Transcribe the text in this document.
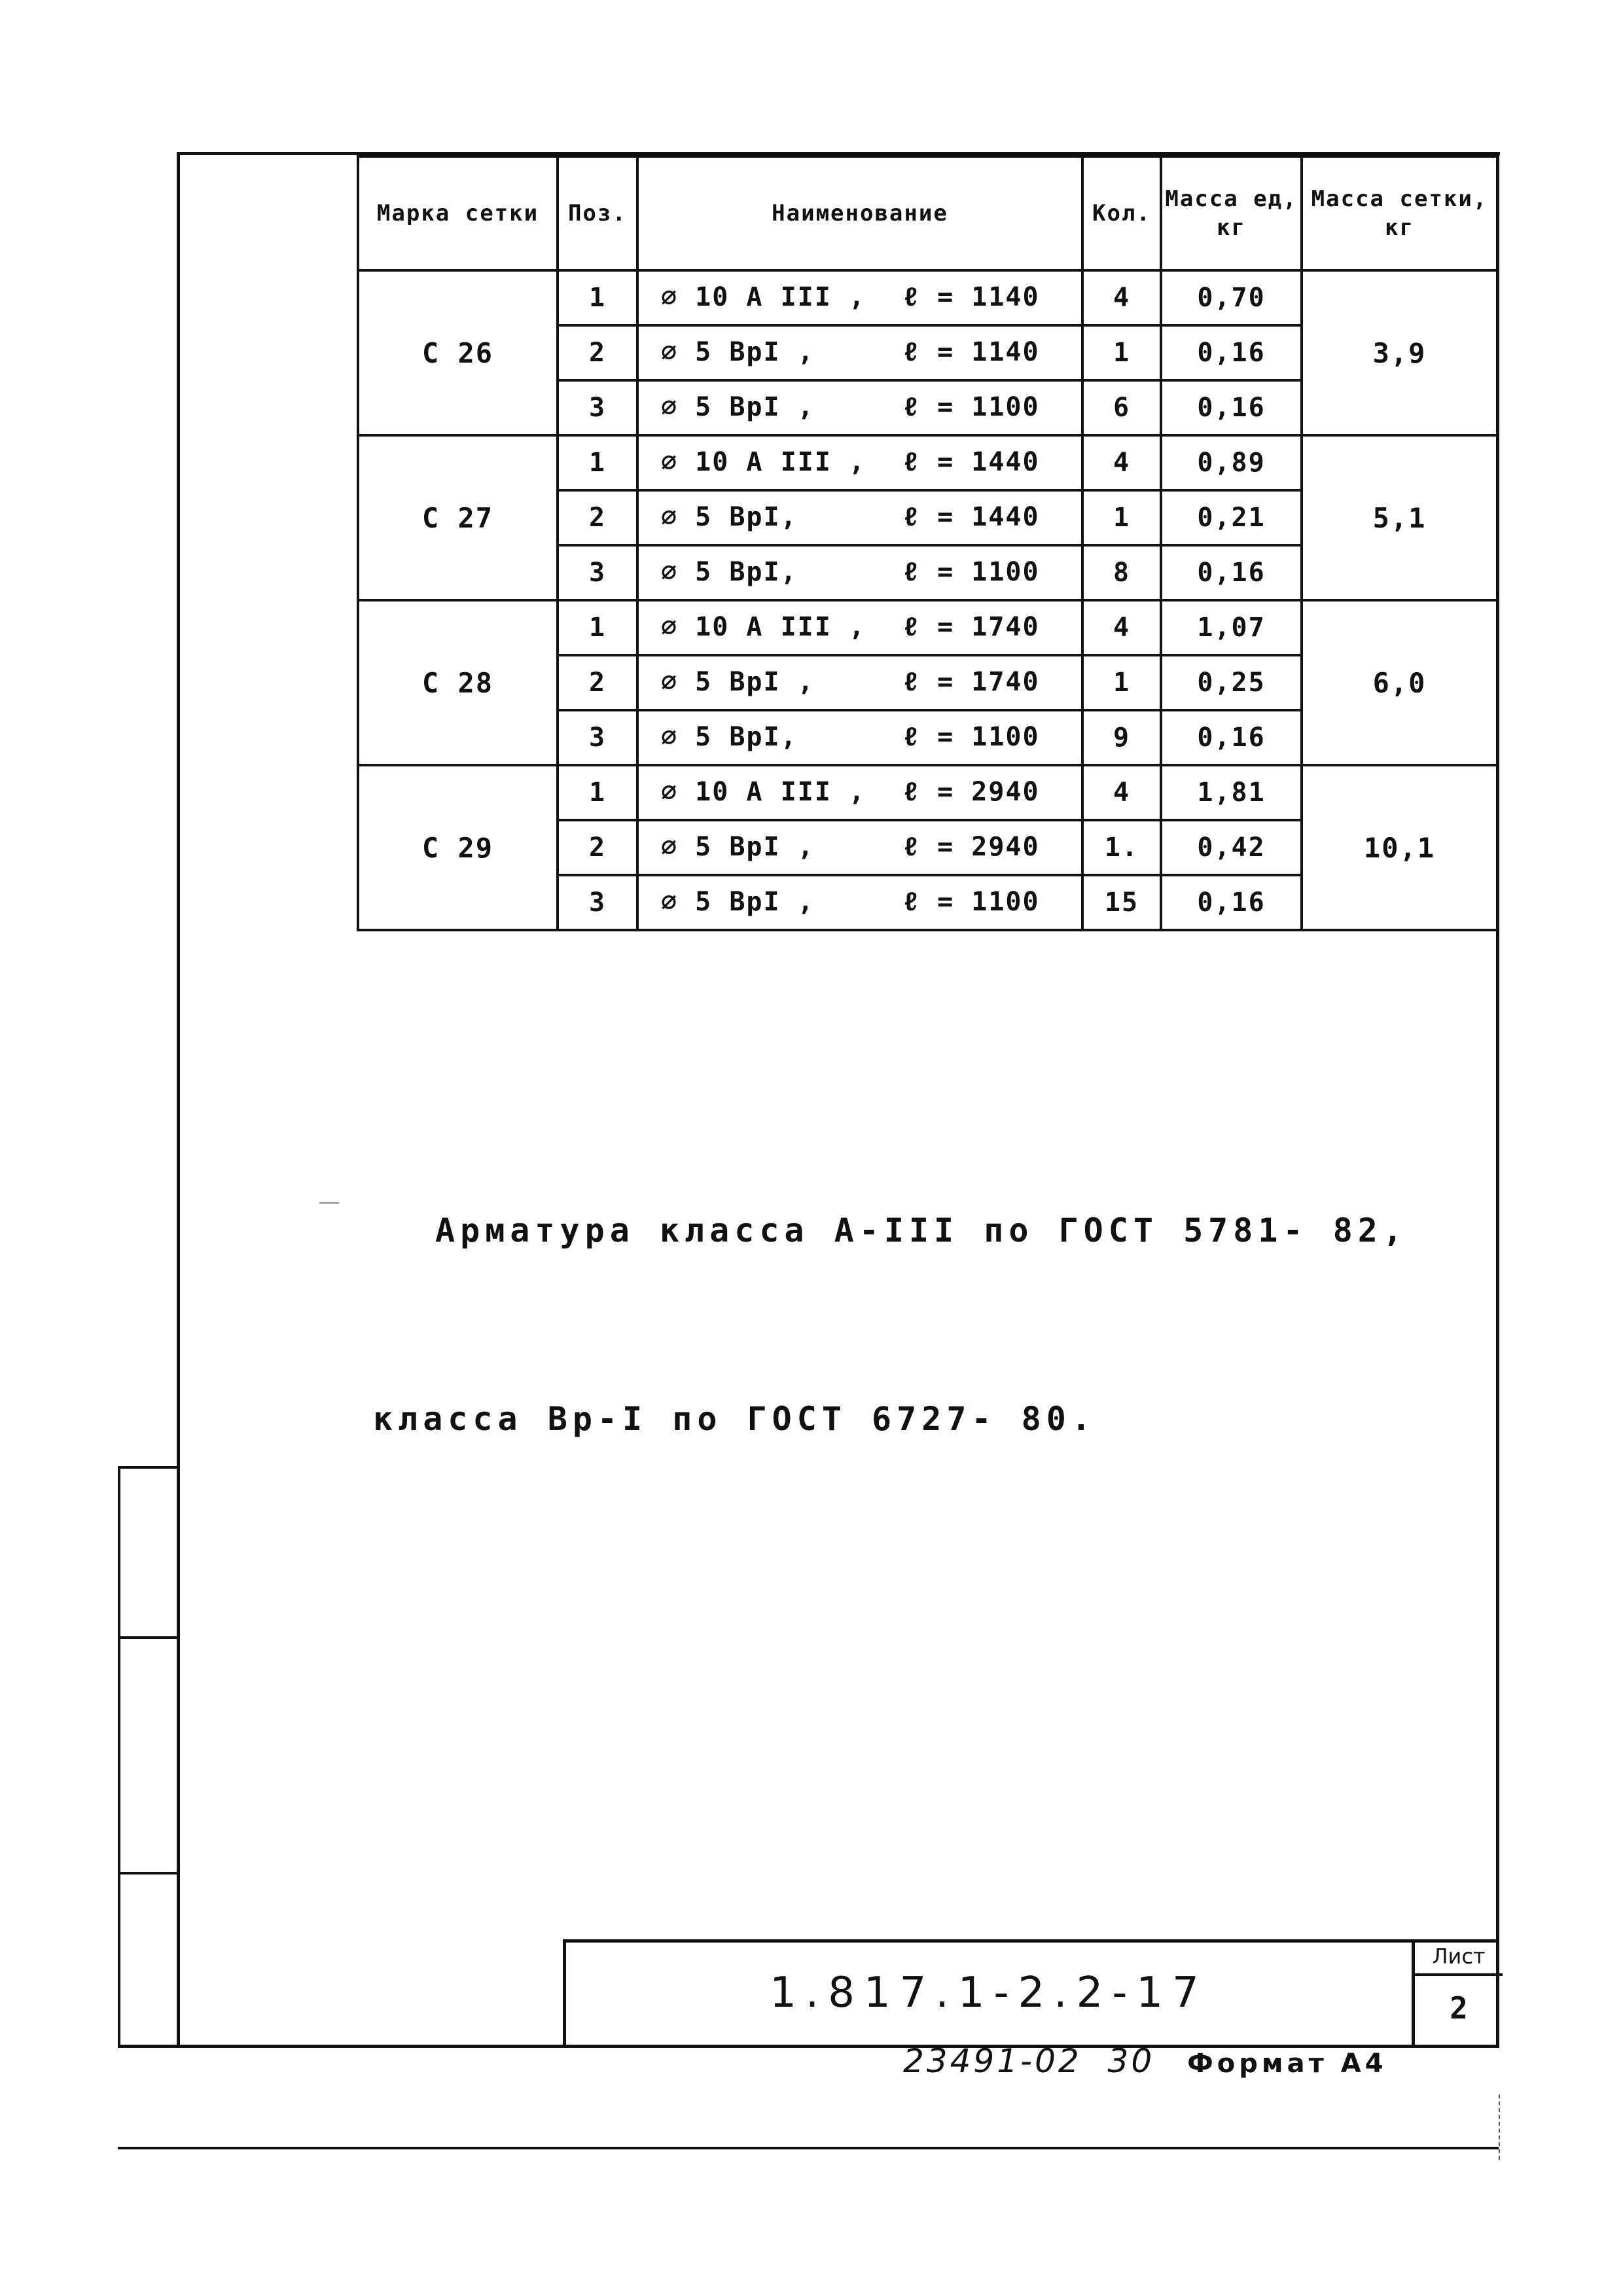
Марка сетки	Поз.	Наименование	Кол.	Масса ед, кг	Масса сетки, кг
С 26	1	⌀ 10 А III , ℓ = 1140	4	0,70	3,9
	2	⌀ 5 ВрI , ℓ = 1140	1	0,16	
	3	⌀ 5 ВрI , ℓ = 1100	6	0,16	
С 27	1	⌀ 10 А III , ℓ = 1440	4	0,89	5,1
	2	⌀ 5 ВрI, ℓ = 1440	1	0,21	
	3	⌀ 5 ВрI, ℓ = 1100	8	0,16	
С 28	1	⌀ 10 А III , ℓ = 1740	4	1,07	6,0
	2	⌀ 5 ВрI , ℓ = 1740	1	0,25	
	3	⌀ 5 ВрI, ℓ = 1100	9	0,16	
С 29	1	⌀ 10 А III , ℓ = 2940	4	1,81	10,1
	2	⌀ 5 ВрI , ℓ = 2940	1.	0,42	
	3	⌀ 5 ВрI , ℓ = 1100	15	0,16	

Арматура класса А-III по ГОСТ 5781- 82,

класса Вр-I по ГОСТ 6727- 80.

1.817.1-2.2-17
Лист
2
23491-02  30 Формат А4
